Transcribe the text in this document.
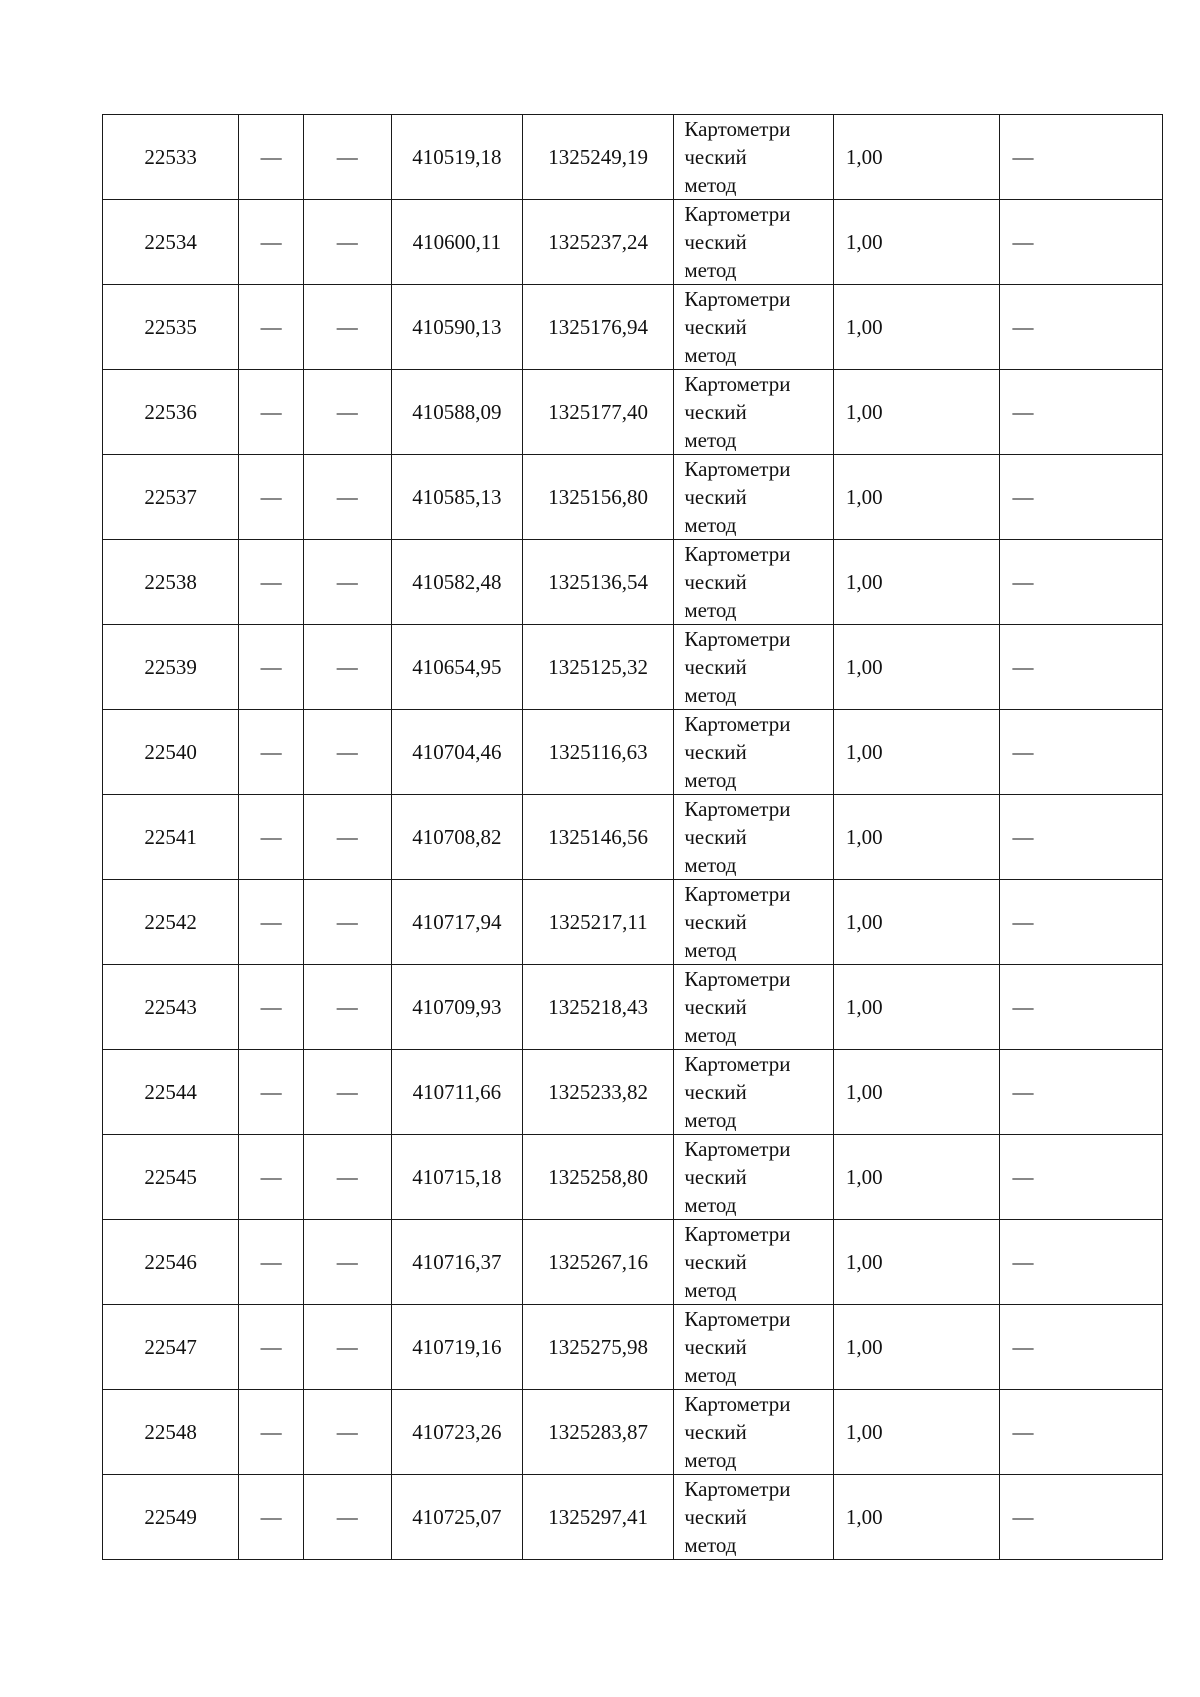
22533	—	—	410519,18	1325249,19	Картометри
ческий
метод	1,00	—
22534	—	—	410600,11	1325237,24	Картометри
ческий
метод	1,00	—
22535	—	—	410590,13	1325176,94	Картометри
ческий
метод	1,00	—
22536	—	—	410588,09	1325177,40	Картометри
ческий
метод	1,00	—
22537	—	—	410585,13	1325156,80	Картометри
ческий
метод	1,00	—
22538	—	—	410582,48	1325136,54	Картометри
ческий
метод	1,00	—
22539	—	—	410654,95	1325125,32	Картометри
ческий
метод	1,00	—
22540	—	—	410704,46	1325116,63	Картометри
ческий
метод	1,00	—
22541	—	—	410708,82	1325146,56	Картометри
ческий
метод	1,00	—
22542	—	—	410717,94	1325217,11	Картометри
ческий
метод	1,00	—
22543	—	—	410709,93	1325218,43	Картометри
ческий
метод	1,00	—
22544	—	—	410711,66	1325233,82	Картометри
ческий
метод	1,00	—
22545	—	—	410715,18	1325258,80	Картометри
ческий
метод	1,00	—
22546	—	—	410716,37	1325267,16	Картометри
ческий
метод	1,00	—
22547	—	—	410719,16	1325275,98	Картометри
ческий
метод	1,00	—
22548	—	—	410723,26	1325283,87	Картометри
ческий
метод	1,00	—
22549	—	—	410725,07	1325297,41	Картометри
ческий
метод	1,00	—
